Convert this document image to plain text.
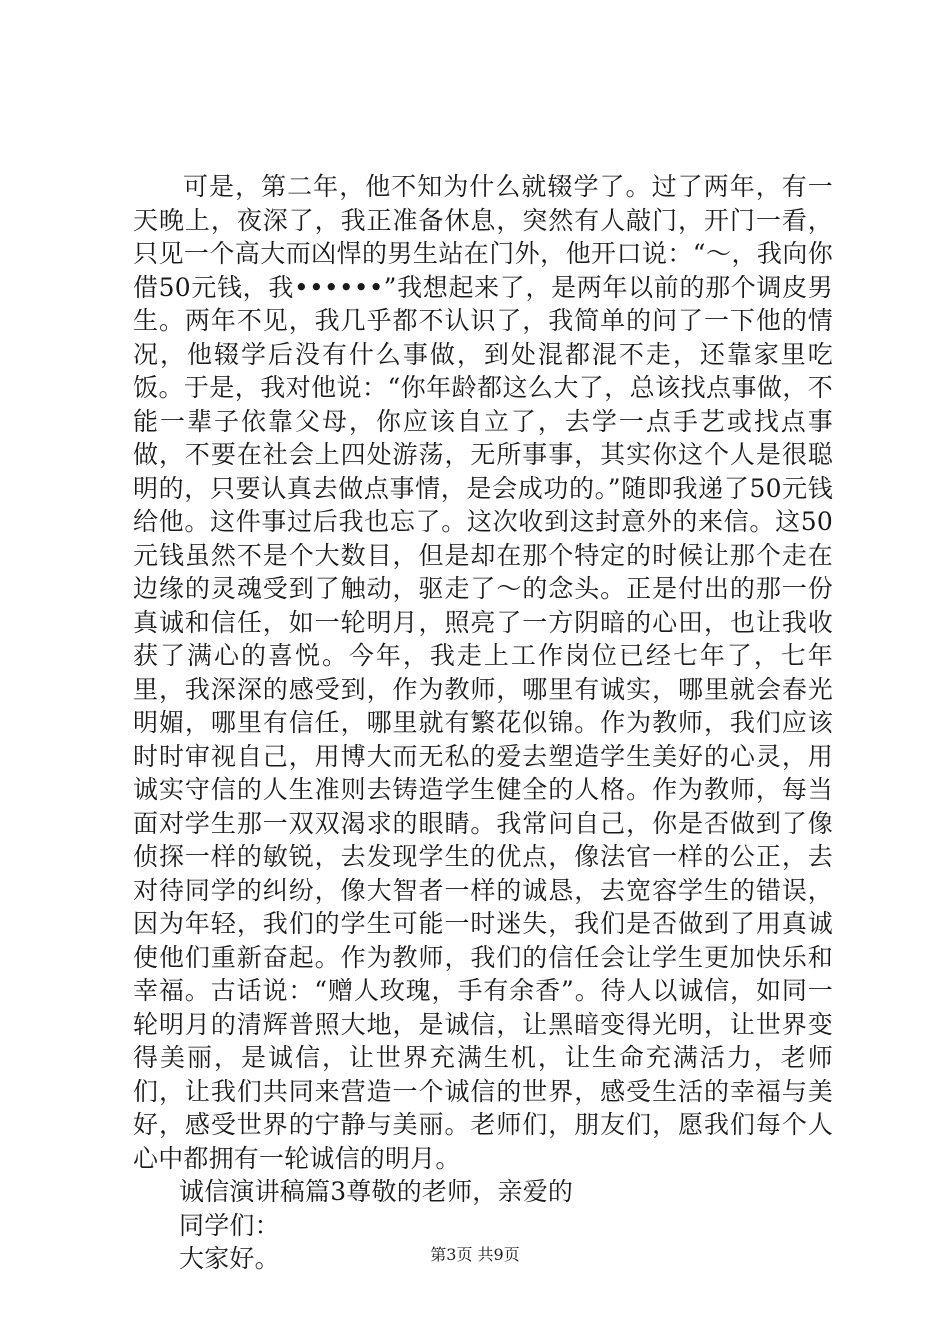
可是，第二年，他不知为什么就辍学了。过了两年，有一天晚上，夜深了，我正准备休息，突然有人敲门，开门一看，只见一个高大而凶悍的男生站在门外，他开口说：“～，我向你借50元钱，我••••••”我想起来了，是两年以前的那个调皮男生。两年不见，我几乎都不认识了，我简单的问了一下他的情况，他辍学后没有什么事做，到处混都混不走，还靠家里吃饭。于是，我对他说：“你年龄都这么大了，总该找点事做，不能一辈子依靠父母，你应该自立了，去学一点手艺或找点事做，不要在社会上四处游荡，无所事事，其实你这个人是很聪明的，只要认真去做点事情，是会成功的。”随即我递了50元钱给他。这件事过后我也忘了。这次收到这封意外的来信。这50元钱虽然不是个大数目，但是却在那个特定的时候让那个走在边缘的灵魂受到了触动，驱走了～的念头。正是付出的那一份真诚和信任，如一轮明月，照亮了一方阴暗的心田，也让我收获了满心的喜悦。今年，我走上工作岗位已经七年了，七年里，我深深的感受到，作为教师，哪里有诚实，哪里就会春光明媚，哪里有信任，哪里就有繁花似锦。作为教师，我们应该时时审视自己，用博大而无私的爱去塑造学生美好的心灵，用诚实守信的人生准则去铸造学生健全的人格。作为教师，每当面对学生那一双双渴求的眼睛。我常问自己，你是否做到了像侦探一样的敏锐，去发现学生的优点，像法官一样的公正，去对待同学的纠纷，像大智者一样的诚恳，去宽容学生的错误，因为年轻，我们的学生可能一时迷失，我们是否做到了用真诚使他们重新奋起。作为教师，我们的信任会让学生更加快乐和幸福。古话说：“赠人玫瑰，手有余香”。待人以诚信，如同一轮明月的清辉普照大地，是诚信，让黑暗变得光明，让世界变得美丽，是诚信，让世界充满生机，让生命充满活力，老师们，让我们共同来营造一个诚信的世界，感受生活的幸福与美好，感受世界的宁静与美丽。老师们，朋友们，愿我们每个人心中都拥有一轮诚信的明月。

诚信演讲稿篇3尊敬的老师，亲爱的

同学们：

大家好。	第3页 共9页
